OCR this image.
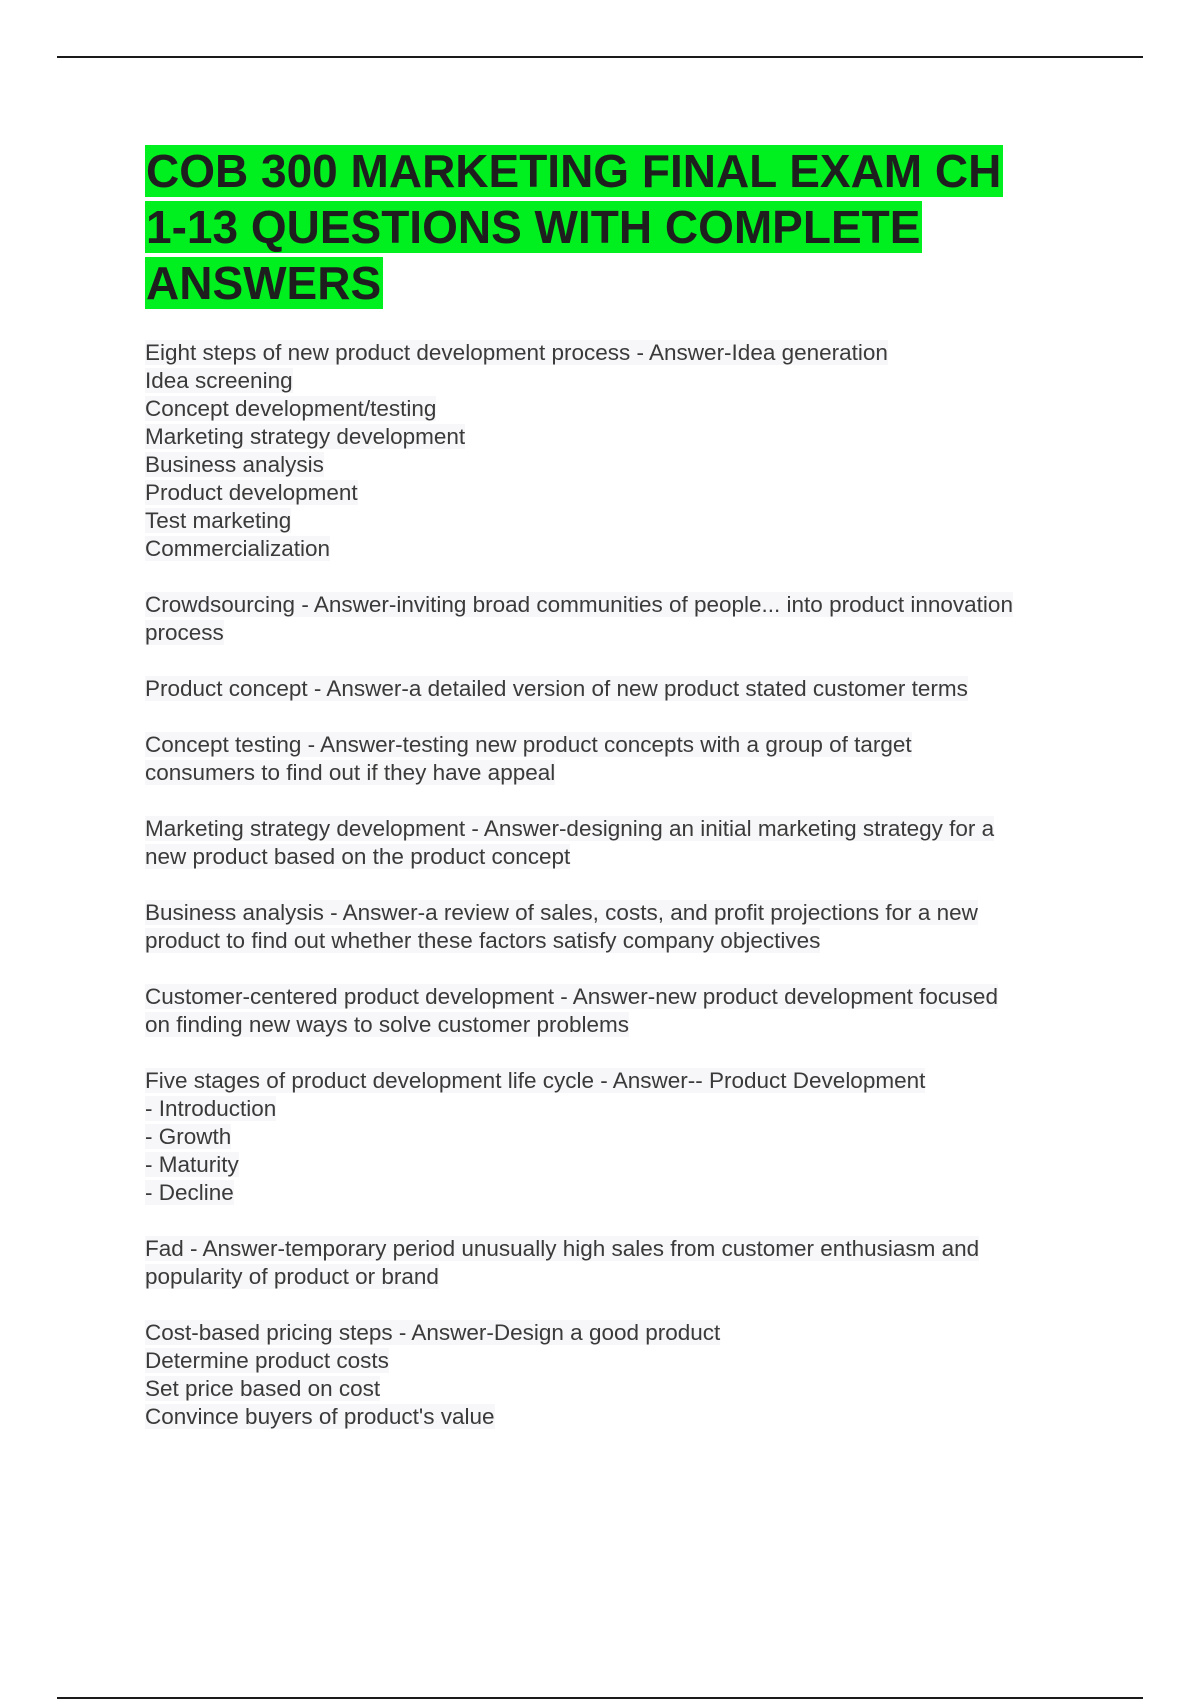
COB 300 MARKETING FINAL EXAM CH
1-13 QUESTIONS WITH COMPLETE
ANSWERS
Eight steps of new product development process - Answer-Idea generation
Idea screening
Concept development/testing
Marketing strategy development
Business analysis
Product development
Test marketing
Commercialization
Crowdsourcing - Answer-inviting broad communities of people... into product innovation
process
Product concept - Answer-a detailed version of new product stated customer terms
Concept testing - Answer-testing new product concepts with a group of target
consumers to find out if they have appeal
Marketing strategy development - Answer-designing an initial marketing strategy for a
new product based on the product concept
Business analysis - Answer-a review of sales, costs, and profit projections for a new
product to find out whether these factors satisfy company objectives
Customer-centered product development - Answer-new product development focused
on finding new ways to solve customer problems
Five stages of product development life cycle - Answer-- Product Development
- Introduction
- Growth
- Maturity
- Decline
Fad - Answer-temporary period unusually high sales from customer enthusiasm and
popularity of product or brand
Cost-based pricing steps - Answer-Design a good product
Determine product costs
Set price based on cost
Convince buyers of product's value
